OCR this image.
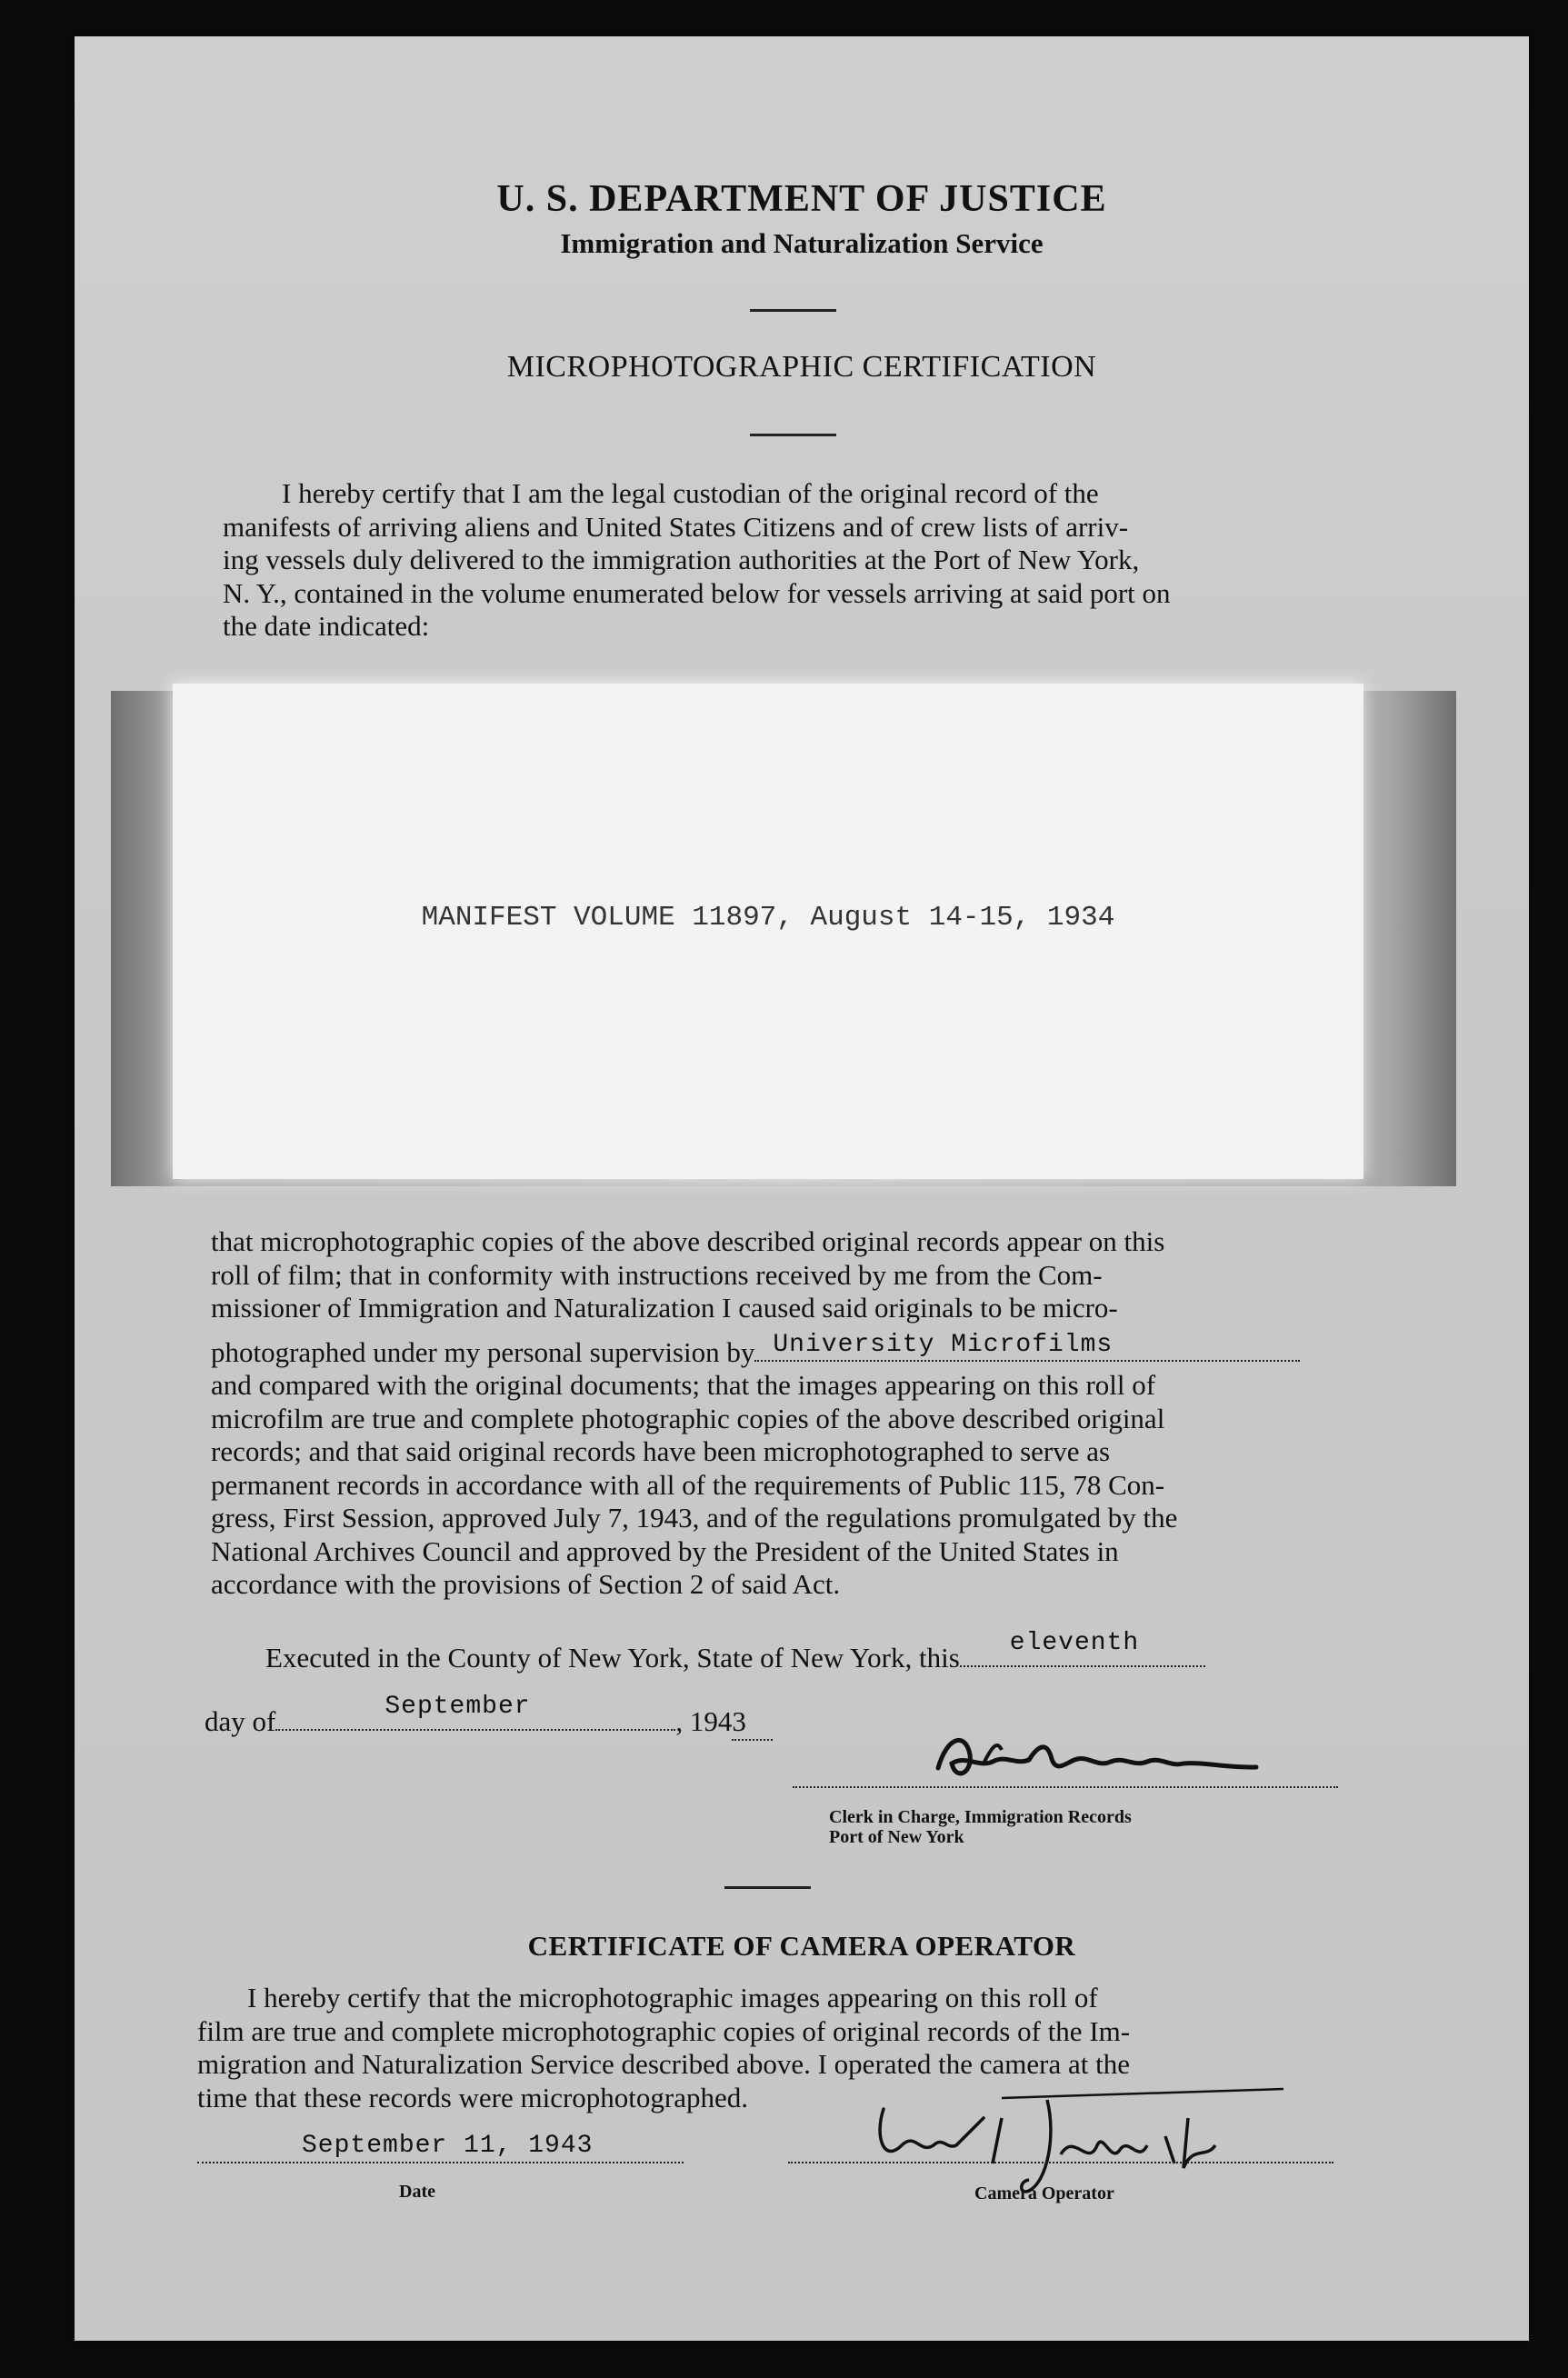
U. S. DEPARTMENT OF JUSTICE
Immigration and Naturalization Service
MICROPHOTOGRAPHIC CERTIFICATION
I hereby certify that I am the legal custodian of the original record of the
manifests of arriving aliens and United States Citizens and of crew lists of arriv-
ing vessels duly delivered to the immigration authorities at the Port of New York,
N. Y., contained in the volume enumerated below for vessels arriving at said port on
the date indicated:
MANIFEST VOLUME 11897, August 14-15, 1934
that microphotographic copies of the above described original records appear on this
roll of film; that in conformity with instructions received by me from the Com-
missioner of Immigration and Naturalization I caused said originals to be micro-
photographed under my personal supervision by University Microfilms
and compared with the original documents; that the images appearing on this roll of
microfilm are true and complete photographic copies of the above described original
records; and that said original records have been microphotographed to serve as
permanent records in accordance with all of the requirements of Public 115, 78 Con-
gress, First Session, approved July 7, 1943, and of the regulations promulgated by the
National Archives Council and approved by the President of the United States in
accordance with the provisions of Section 2 of said Act.
Executed in the County of New York, State of New York, this eleventh
day of	September	, 1943
Clerk in Charge, Immigration Records
Port of New York
CERTIFICATE OF CAMERA OPERATOR
I hereby certify that the microphotographic images appearing on this roll of
film are true and complete microphotographic copies of original records of the Im-
migration and Naturalization Service described above. I operated the camera at the
time that these records were microphotographed.
September 11, 1943
Date	Camera Operator
